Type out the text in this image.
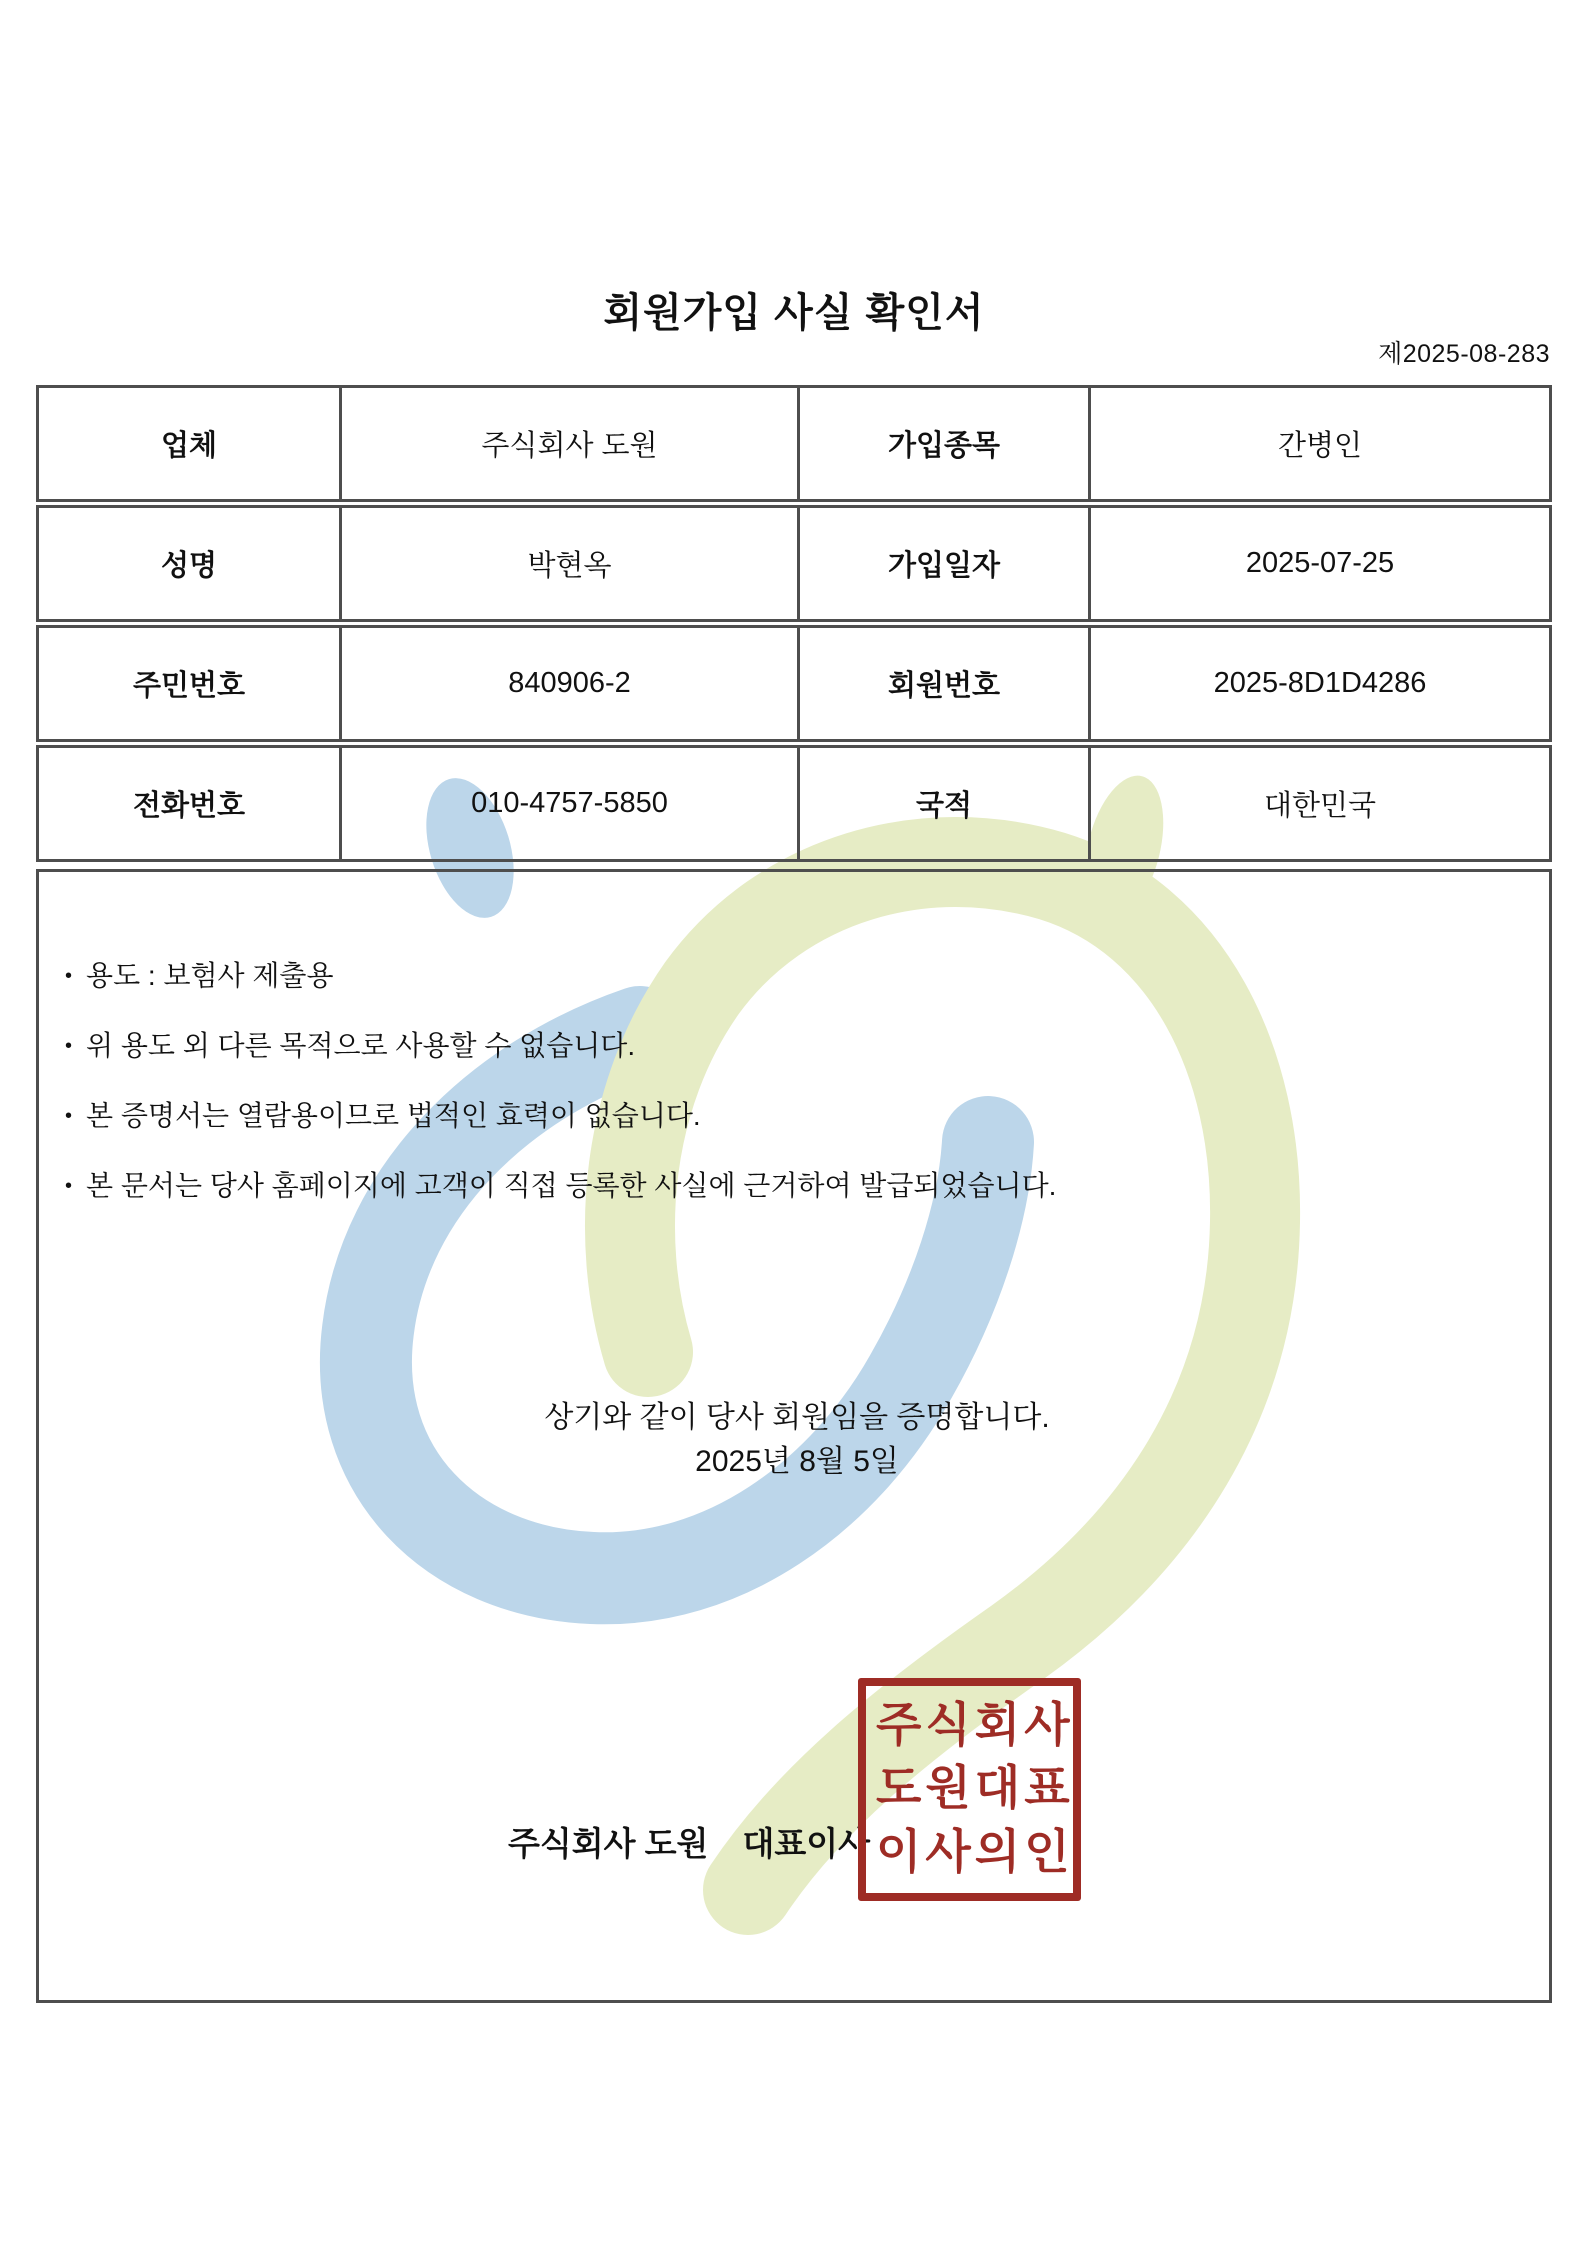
회원가입 사실 확인서
제2025-08-283
업체	주식회사 도원	가입종목	간병인
성명	박현옥	가입일자	2025-07-25
주민번호	840906-2	회원번호	2025-8D1D4286
전화번호	010-4757-5850	국적	대한민국
• 용도 : 보험사 제출용
• 위 용도 외 다른 목적으로 사용할 수 없습니다.
• 본 증명서는 열람용이므로 법적인 효력이 없습니다.
• 본 문서는 당사 홈페이지에 고객이 직접 등록한 사실에 근거하여 발급되었습니다.
상기와 같이 당사 회원임을 증명합니다.
2025년 8월 5일
주식회사 도원 대표이사
주식회사
도원대표
이사의인
